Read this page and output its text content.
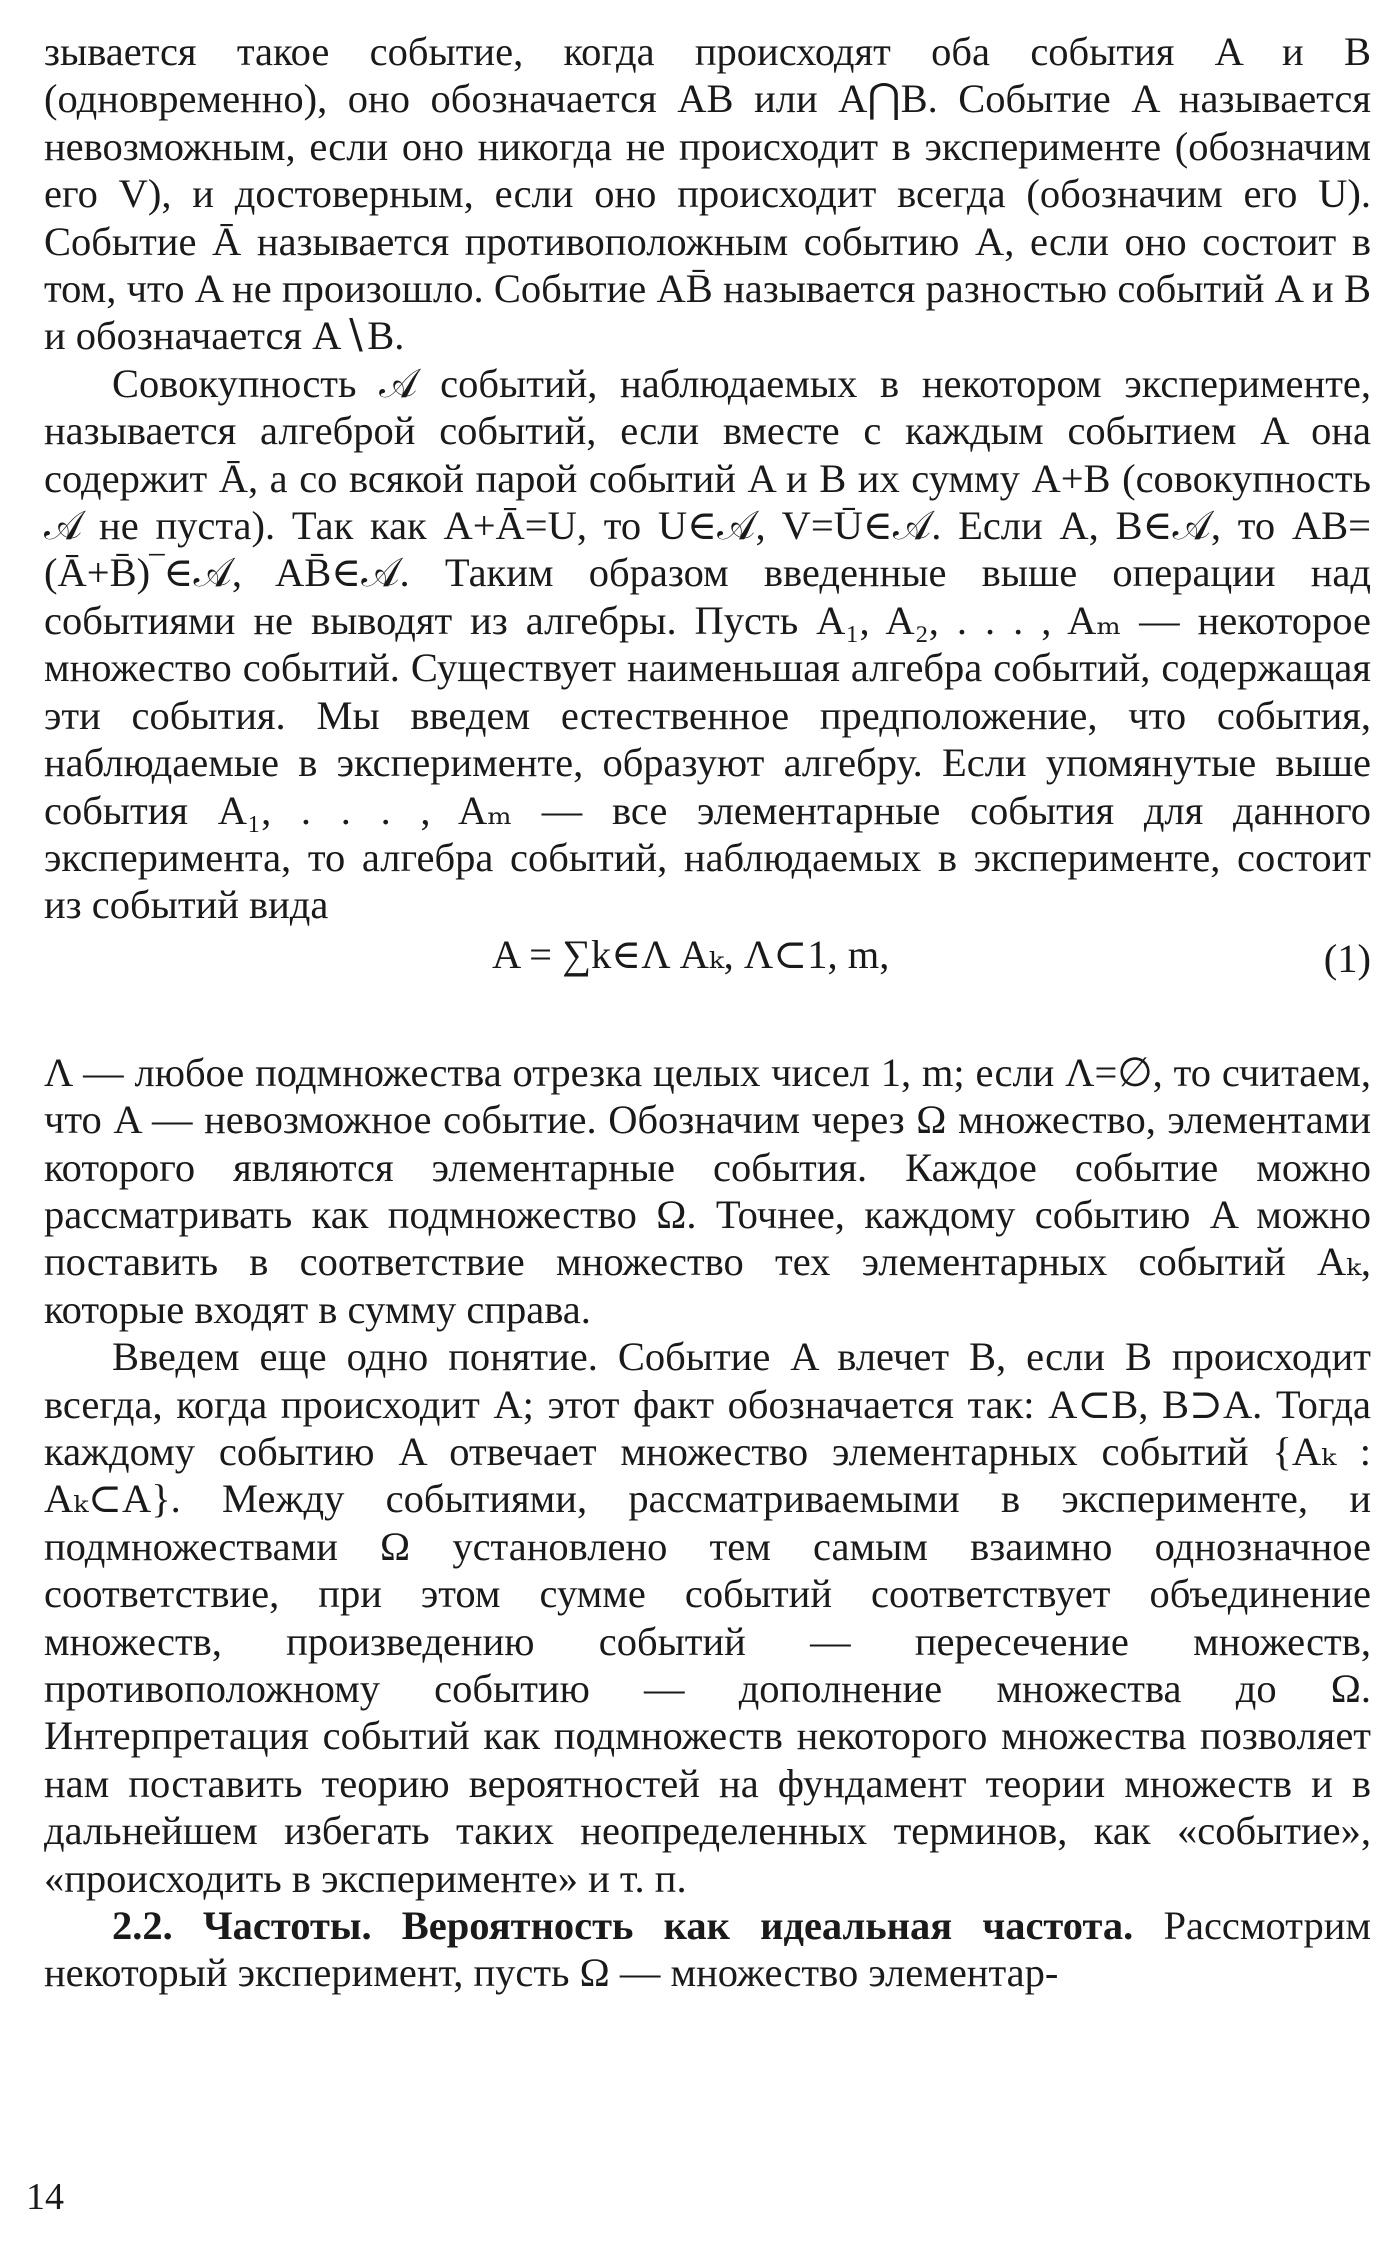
зывается такое событие, когда происходят оба события A и B (одновременно), оно обозначается AB или A⋂B. Событие A называется невозможным, если оно никогда не происходит в эксперименте (обозначим его V), и достоверным, если оно происходит всегда (обозначим его U). Событие Ā называется противоположным событию A, если оно состоит в том, что A не произошло. Событие AB̄ называется разностью событий A и B и обозначается A∖B.

Совокупность 𝒜 событий, наблюдаемых в некотором эксперименте, называется алгеброй событий, если вместе с каждым событием A она содержит Ā, а со всякой парой событий A и B их сумму A+B (совокупность 𝒜 не пуста). Так как A+Ā=U, то U∈𝒜, V=Ū∈𝒜. Если A, B∈𝒜, то AB=(Ā+B̄)‾∈𝒜, AB̄∈𝒜. Таким образом введенные выше операции над событиями не выводят из алгебры. Пусть A₁, A₂, . . . , Aₘ — некоторое множество событий. Существует наименьшая алгебра событий, содержащая эти события. Мы введем естественное предположение, что события, наблюдаемые в эксперименте, образуют алгебру. Если упомянутые выше события A₁, . . . , Aₘ — все элементарные события для данного эксперимента, то алгебра событий, наблюдаемых в эксперименте, состоит из событий вида

A = ∑k∈Λ Aₖ, Λ⊂1, m,	(1)

Λ — любое подмножества отрезка целых чисел 1, m; если Λ=∅, то считаем, что A — невозможное событие. Обозначим через Ω множество, элементами которого являются элементарные события. Каждое событие можно рассматривать как подмножество Ω. Точнее, каждому событию A можно поставить в соответствие множество тех элементарных событий Aₖ, которые входят в сумму справа.

Введем еще одно понятие. Событие A влечет B, если B происходит всегда, когда происходит A; этот факт обозначается так: A⊂B, B⊃A. Тогда каждому событию A отвечает множество элементарных событий {Aₖ : Aₖ⊂A}. Между событиями, рассматриваемыми в эксперименте, и подмножествами Ω установлено тем самым взаимно однозначное соответствие, при этом сумме событий соответствует объединение множеств, произведению событий — пересечение множеств, противоположному событию — дополнение множества до Ω. Интерпретация событий как подмножеств некоторого множества позволяет нам поставить теорию вероятностей на фундамент теории множеств и в дальнейшем избегать таких неопределенных терминов, как «событие», «происходить в эксперименте» и т. п.

2.2. Частоты. Вероятность как идеальная частота. Рассмотрим некоторый эксперимент, пусть Ω — множество элементар-

14
